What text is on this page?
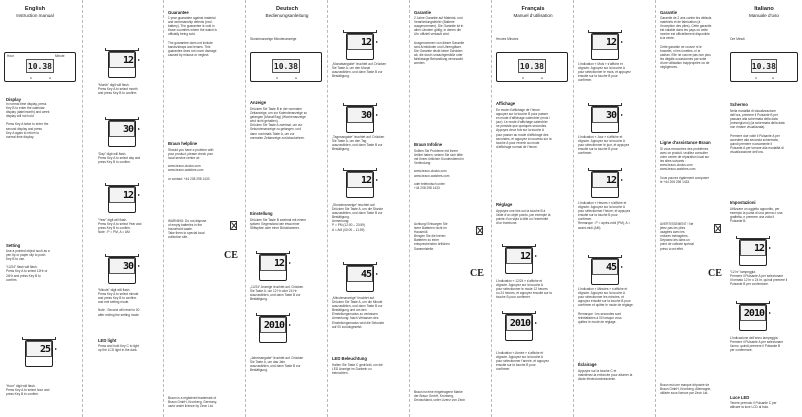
English
Instruction manual
Hour	Minute
10.38
C	A
Display
In normal time display, press
Key B to enter the calendar
display (date/month) and week
display will not hold.

Press Key A twice to enter the
second display and press
Key A again to return to
normal time display.
Setting
Use a pointed object such as a
pen tip or paper clip to push
Key B to use.

“12/24” flash will flash.
Press Key A to select 12Hr or
24Hr and press Key B to
confirm.
25 ▸
“Hour” digit will flash.
Press Key A to select hour and
press Key B to confirm.
12 ▸
“Month” digit will flash.
Press Key A to select month
and press Key B to confirm.
30 ▸
“Day” digit will flash.
Press Key A to select day and
press Key B to confirm.
12 ▸
“Year” digit will flash.
Press Key A to select Year and
press Key B to confirm.
Note : P = PM, A = AM
30 ▸
“Minute” digit will flash.
Press Key A to select minute
and press Key B to confirm
and exit setting mode.

Note : Second will reset to 00
after exiting the setting mode
LED light
Press and hold Key C to light
up the LCD light in the dark.
Guarantee
1 year guarantee against material
and workmanship defects (excl.
battery). The guarantee is void in
those countries where the watch is
officially being sold.

The guarantee does not include
bands/straps and lenses. This
guarantee does not cover damage
caused by misuse or neglect.
Braun helpline
Should you have a problem with
your product, please check your
local service centre at:

www.braun-clocks.com
www.braun-watches.com

or contact: +44 208 298 1433
WARNING: Do not dispose
of empty batteries in the
household waste.
Take them to special local
collection site.
CE
Braun is a registered trademark of
Braun GmbH, Kronberg, Germany,
used under licence by Zeon Ltd.
Deutsch
Bedienungsanleitung
Stundenanzeige Minutenanzeige
10.38
C	A
Anzeige
Drücken Sie Taste B in der normalen
Zeitanzeige, um zur Kalenderanzeige zu
gelangen (Monat/Tag) (Wochenanzeige
wird nicht gehalten).
Drücken Sie Taste A zweimal, um zur
Sekundenanzeige zu gelangen, und
dann nochmals Taste A, um zur
normalen Zeitanzeige zurückzukehren.
Einstellung
Drücken Sie Taste B zweimal mit einem
spitzen Gegenstand wie etwa einer
Stiftspitze oder einer Büroklammer.
12 ▸
„12/24“ Anzeige leuchtet auf. Drücken
Sie Taste A, um 12 Hr oder 24 Hr
auszuwählen, und dann Taste B zur
Bestätigung.
2010 ▸
„Jahresangabe“ leuchtet auf. Drücken
Sie Taste A, um das Jahr
auszuwählen, und dann Taste B zur
Bestätigung.
12 ▸
„Monatsangabe“ leuchtet auf. Drücken
Sie Taste A, um den Monat
auszuwählen, und dann Taste B zur
Bestätigung.
30 ▸
„Tagesangabe“ leuchtet auf. Drücken
Sie Taste A, um den Tag
auszuwählen, und dann Taste B zur
Bestätigung.
12 ▸
„Stundenanzeige“ leuchtet auf.
Drücken Sie Taste A, um die Stunde
auszuwählen, und dann Taste B zur
Bestätigung.
Anmerkung:
P = PM (12:00 – 23:59)
A = AM (00:00 – 11:59)
45 ▸
„Minutenanzeige“ leuchtet auf.
Drücken Sie Taste A, um die Minute
auszuwählen, und dann Taste B zur
Bestätigung und um den
Einstellungsmodus zu verlassen.
Anmerkung: Nach Verlassen des
Einstellungsmodus wird die Sekunde
auf 00 zurückgesetzt.
LED Beleuchtung
Halten Sie Taste C gedrückt, um die
LED Anzeige im Dunkeln zu
beleuchten.
Garantie
2 Jahre Garantie auf Material- und
Verarbeitungsfehler (Batterie
ausgenommen). Die Garantie ist in
allen Ländern gültig, in denen die
Uhr offiziell verkauft wird.

Ausgenommen von dieser Garantie
sind Armbänder und Uhrengläser.
Die Garantie deckt keine Schäden
ab, die durch unsachgemäße oder
fahrlässige Behandlung verursacht
wurden.
Braun Infoline
Sollten Sie Probleme mit Ihrem
Artikel haben, setzen Sie sich bitte
mit Ihrem örtlichen Kundendienst in
Verbindung:

www.braun-clocks.com
www.braun-watches.com

oder telefonisch unter:
+44 208 298 1433
Achtung! Entsorgen Sie
leere Batterien nicht im
Hausmüll.
Bringen Sie die leeren
Batterien zu einer
entsprechenden örtlichen
Sammelstelle.
CE
Braun ist eine eingetragene Marke
der Braun GmbH, Kronberg,
Deutschland, unter Lizenz von Zeon
Français
Manuel d’utilisation
Heures Minutes
10.38
C	A
Affichage
En mode d’affichage de l’heure
appuyez sur la touche B pour passer
en mode d’affichage calendrier (mois /
jour). Le mode d’affichage calendrier
ne persiste que quelques secondes.
Appuyez deux fois sur la touche A
pour passer au mode d’affichage des
secondes, et appuyez à nouveau sur la
touche A pour revenir au mode
d’affichage normal de l’heure.
Réglage
Appuyez une fois sur la touche B à
l’aide d’un objet pointu, par exemple la
pointe d’un stylo à bille ou l’extrémité
d’un trombone.
12 ▸
L’indication « 12/24 » s’affiche et
clignote. Appuyez sur la touche A
pour sélectionner le mode 12 heures
ou 24 heures, et appuyez ensuite sur la
touche B pour confirmer.
2010 ▸
L’indication « Année » s’affiche et
clignote. Appuyez sur la touche A
pour sélectionner l’année, et appuyez
ensuite sur la touche B pour
confirmer.
12 ▸
L’indication « Mois » s’affiche et
clignote. Appuyez sur la touche A
pour sélectionner le mois, et appuyez
ensuite sur la touche B pour
confirmer.
30 ▸
L’indication « Jour » s’affiche et
clignote. Appuyez sur la touche A
pour sélectionner le jour, et appuyez
ensuite sur la touche B pour
confirmer.
12 ▸
L’indication « Heures » s’affiche et
clignote. Appuyez sur la touche A
pour sélectionner l’heure, et appuyez
ensuite sur la touche B pour
confirmer.
Remarque : P = après-midi (PM), A =
avant-midi (AM)
45 ▸
L’indication « Minutes » s’affiche et
clignote. Appuyez sur la touche A
pour sélectionner les minutes, et
appuyez ensuite sur la touche B pour
confirmer et quitter le mode de réglage.

Remarque : les secondes sont
réinitialisées à 00 lorsque vous
quittez le mode de réglage.
Éclairage
Appuyez sur la touche C et
maintenez-la enfoncée pour allumer la
diode électroluminescente.
Garantie
Garantie de 2 ans contre les défauts
matériels et de fabrication (à
l’exception des piles). Cette garantie
est valable dans les pays où cette
montre est officiellement disponible
à la vente.

Cette garantie ne couvre ni le
bracelet, ni les lunettes, ni le
cadran. Elle ne couvre pas non plus
les dégâts occasionnés par suite
d’une utilisation inappropriée ou de
négligences.
Ligne d’assistance Braun
Si vous rencontrez des problèmes
avec ce produit, veuillez consulter
votre centre de réparation local sur
les sites suivants :
www.braun-clocks.com
www.braun-watches.com

Vous pouvez également composer
le +44 208 298 1433.
AVERTISSEMENT ! Ne
jetez pas les piles
usagées avec les
ordures ménagères.
Déposez-les dans un
point de collecte spécial
prévu à cet effet.
CE
Braun est une marque déposée de
Braun GmbH, Kronberg, Allemagne,
utilisée sous licence par Zeon Ltd.
Italiano
Manuale d’uso
Ore Minuti
10.38
C	A
Schermo
Nella modalità di visualizzazione
dell’ora, premere il Pulsante B per
passare alla schermata della data
(mese/giorno) (la schermata della data
non rimane visualizzata).

Premere due volte il Pulsante A per
accedere alla seconda schermata,
quindi premere nuovamente il
Pulsante A per tornare alla modalità di
visualizzazione dell’ora.
Impostazioni
Utilizzare un oggetto appuntito, per
esempio la punta di una penna o una
graffetta, e premere una volta il
Pulsante B.
12 ▸
“12 hr” lampeggia.
Premere il Pulsante A per selezionare
il formato 12 hr o 24 hr, quindi premere il
Pulsante B per confermare.
2010 ▸
L’indicazione dell’anno lampeggia.
Premere il Pulsante A per selezionare
l’anno, quindi premere il Pulsante B
per confermare.
Luce LED
Tenere premuto il Pulsante C per
attivare la luce LCD al buio.
